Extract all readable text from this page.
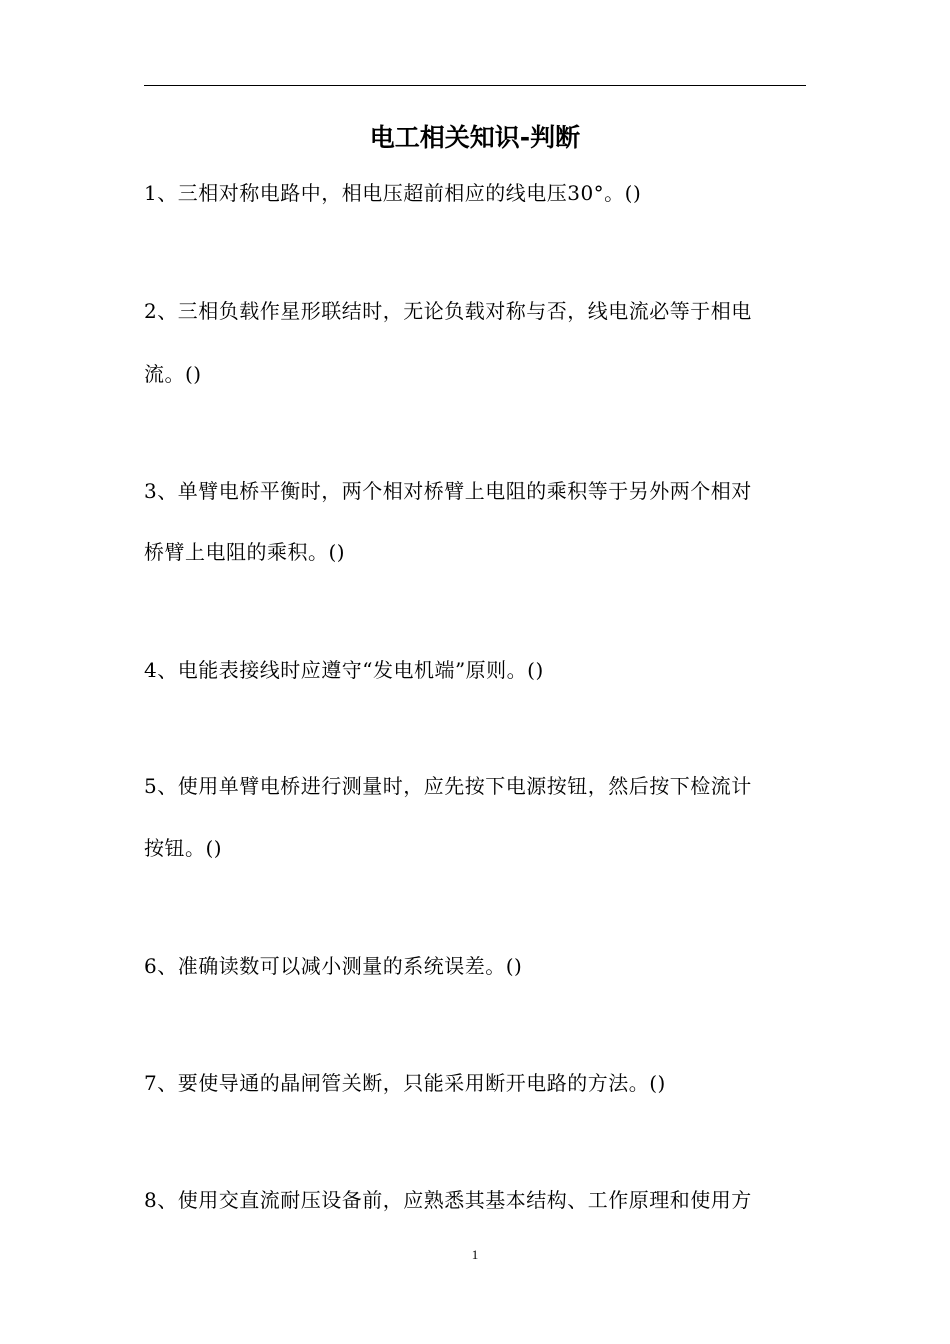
电工相关知识-判断
1、三相对称电路中，相电压超前相应的线电压30°。()
2、三相负载作星形联结时，无论负载对称与否，线电流必等于相电
流。()
3、单臂电桥平衡时，两个相对桥臂上电阻的乘积等于另外两个相对
桥臂上电阻的乘积。()
4、电能表接线时应遵守“发电机端”原则。()
5、使用单臂电桥进行测量时，应先按下电源按钮，然后按下检流计
按钮。()
6、准确读数可以减小测量的系统误差。()
7、要使导通的晶闸管关断，只能采用断开电路的方法。()
8、使用交直流耐压设备前，应熟悉其基本结构、工作原理和使用方
1
